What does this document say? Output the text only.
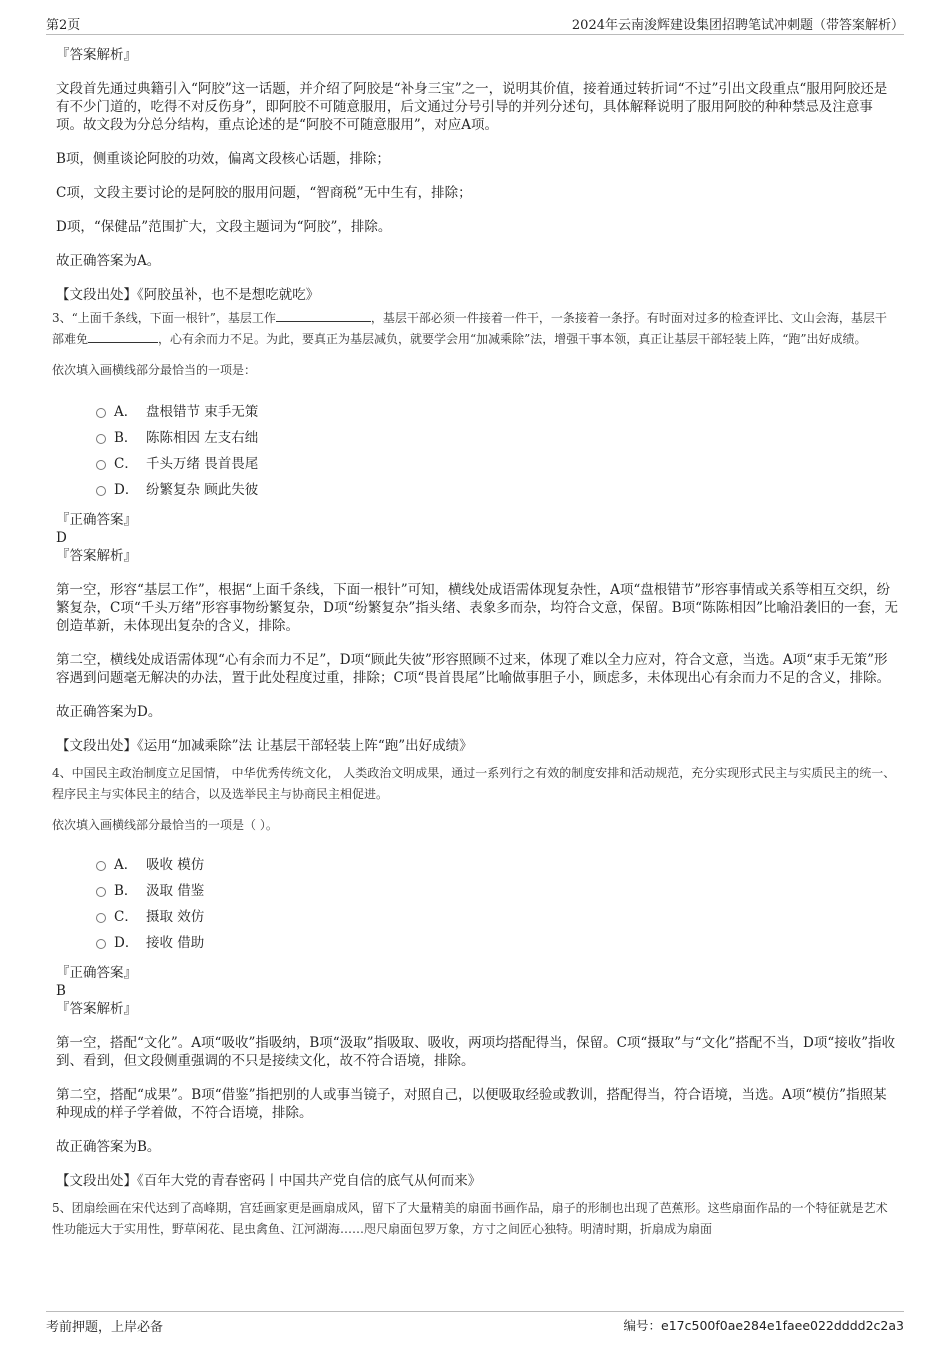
第2页	2024年云南浚辉建设集团招聘笔试冲刺题（带答案解析）

『答案解析』

文段首先通过典籍引入“阿胶”这一话题，并介绍了阿胶是“补身三宝”之一，说明其价值，接着通过转折词“不过”引出文段重点“服用阿胶还是有不少门道的，吃得不对反伤身”，即阿胶不可随意服用，后文通过分号引导的并列分述句，具体解释说明了服用阿胶的种种禁忌及注意事项。故文段为分总分结构，重点论述的是“阿胶不可随意服用”，对应A项。

B项，侧重谈论阿胶的功效，偏离文段核心话题，排除；

C项，文段主要讨论的是阿胶的服用问题，“智商税”无中生有，排除；

D项，“保健品”范围扩大，文段主题词为“阿胶”，排除。

故正确答案为A。

【文段出处】《阿胶虽补，也不是想吃就吃》

3、“上面千条线，下面一根针”，基层工作	，基层干部必须一件接着一件干，一条接着一条抒。有时面对过多的检查评比、文山会海，基层干部难免	，心有余而力不足。为此，要真正为基层减负，就要学会用“加减乘除”法，增强干事本领，真正让基层干部轻装上阵，“跑”出好成绩。

依次填入画横线部分最恰当的一项是：

A． 盘根错节 束手无策
B． 陈陈相因 左支右绌
C． 千头万绪 畏首畏尾
D． 纷繁复杂 顾此失彼

『正确答案』

D

『答案解析』

第一空，形容“基层工作”，根据“上面千条线，下面一根针”可知，横线处成语需体现复杂性，A项“盘根错节”形容事情或关系等相互交织，纷繁复杂，C项“千头万绪”形容事物纷繁复杂，D项“纷繁复杂”指头绪、表象多而杂，均符合文意，保留。B项“陈陈相因”比喻沿袭旧的一套，无创造革新，未体现出复杂的含义，排除。

第二空，横线处成语需体现“心有余而力不足”，D项“顾此失彼”形容照顾不过来，体现了难以全力应对，符合文意，当选。A项“束手无策”形容遇到问题毫无解决的办法，置于此处程度过重，排除；C项“畏首畏尾”比喻做事胆子小，顾虑多，未体现出心有余而力不足的含义，排除。

故正确答案为D。

【文段出处】《运用“加减乘除”法 让基层干部轻装上阵“跑”出好成绩》

4、中国民主政治制度立足国情， 中华优秀传统文化， 人类政治文明成果，通过一系列行之有效的制度安排和活动规范，充分实现形式民主与实质民主的统一、程序民主与实体民主的结合，以及选举民主与协商民主相促进。

依次填入画横线部分最恰当的一项是（ ）。

A． 吸收 模仿
B． 汲取 借鉴
C． 摄取 效仿
D． 接收 借助

『正确答案』

B

『答案解析』

第一空，搭配“文化”。A项“吸收”指吸纳，B项“汲取”指吸取、吸收，两项均搭配得当，保留。C项“摄取”与“文化”搭配不当，D项“接收”指收到、看到，但文段侧重强调的不只是接续文化，故不符合语境，排除。

第二空，搭配“成果”。B项“借鉴”指把别的人或事当镜子，对照自己，以便吸取经验或教训，搭配得当，符合语境，当选。A项“模仿”指照某种现成的样子学着做，不符合语境，排除。

故正确答案为B。

【文段出处】《百年大党的青春密码丨中国共产党自信的底气从何而来》

5、团扇绘画在宋代达到了高峰期，宫廷画家更是画扇成风，留下了大量精美的扇面书画作品，扇子的形制也出现了芭蕉形。这些扇面作品的一个特征就是艺术性功能远大于实用性，野草闲花、昆虫禽鱼、江河湖海……咫尺扇面包罗万象，方寸之间匠心独特。明清时期，折扇成为扇面

考前押题，上岸必备	编号：e17c500f0ae284e1faee022dddd2c2a3
